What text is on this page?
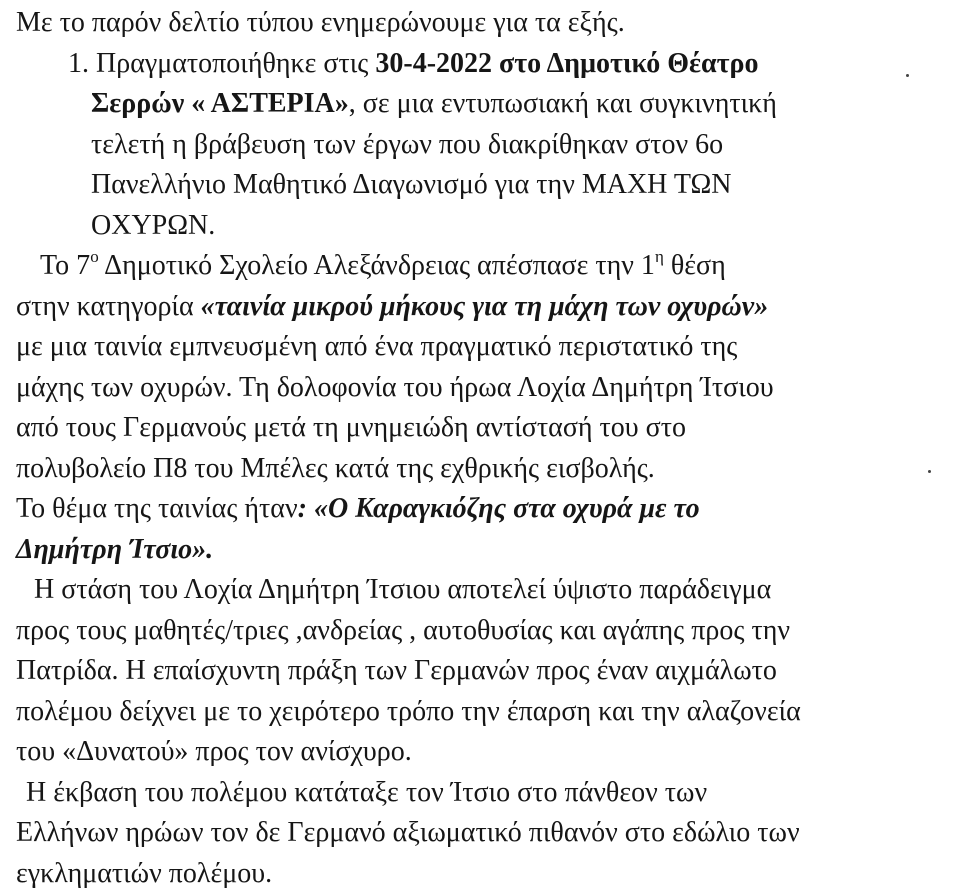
Με το παρόν δελτίο τύπου ενημερώνουμε για τα εξής.
1. Πραγματοποιήθηκε στις 30-4-2022 στο Δημοτικό Θέατρο
Σερρών « ΑΣΤΕΡΙΑ», σε μια εντυπωσιακή και συγκινητική
τελετή η βράβευση των έργων που διακρίθηκαν στον 6ο
Πανελλήνιο Μαθητικό Διαγωνισμό για την ΜΑΧΗ ΤΩΝ
ΟΧΥΡΩΝ.
Το $7^o$ Δημοτικό Σχολείο Αλεξάνδρειας απέσπασε την $1^\eta$ θέση
στην κατηγορία «ταινία μικρού μήκους για τη μάχη των οχυρών»
με μια ταινία εμπνευσμένη από ένα πραγματικό περιστατικό της
μάχης των οχυρών. Τη δολοφονία του ήρωα Λοχία Δημήτρη Ίτσιου
από τους Γερμανούς μετά τη μνημειώδη αντίστασή του στο
πολυβολείο Π8 του Μπέλες κατά της εχθρικής εισβολής.
Το θέμα της ταινίας ήταν: «Ο Καραγκιόζης στα οχυρά με το
Δημήτρη Ίτσιο».
Η στάση του Λοχία Δημήτρη Ίτσιου αποτελεί ύψιστο παράδειγμα
προς τους μαθητές/τριες ,ανδρείας , αυτοθυσίας και αγάπης προς την
Πατρίδα. Η επαίσχυντη πράξη των Γερμανών προς έναν αιχμάλωτο
πολέμου δείχνει με το χειρότερο τρόπο την έπαρση και την αλαζονεία
του «Δυνατού» προς τον ανίσχυρο.
Η έκβαση του πολέμου κατάταξε τον Ίτσιο στο πάνθεον των
Ελλήνων ηρώων τον δε Γερμανό αξιωματικό πιθανόν στο εδώλιο των
εγκληματιών πολέμου.
